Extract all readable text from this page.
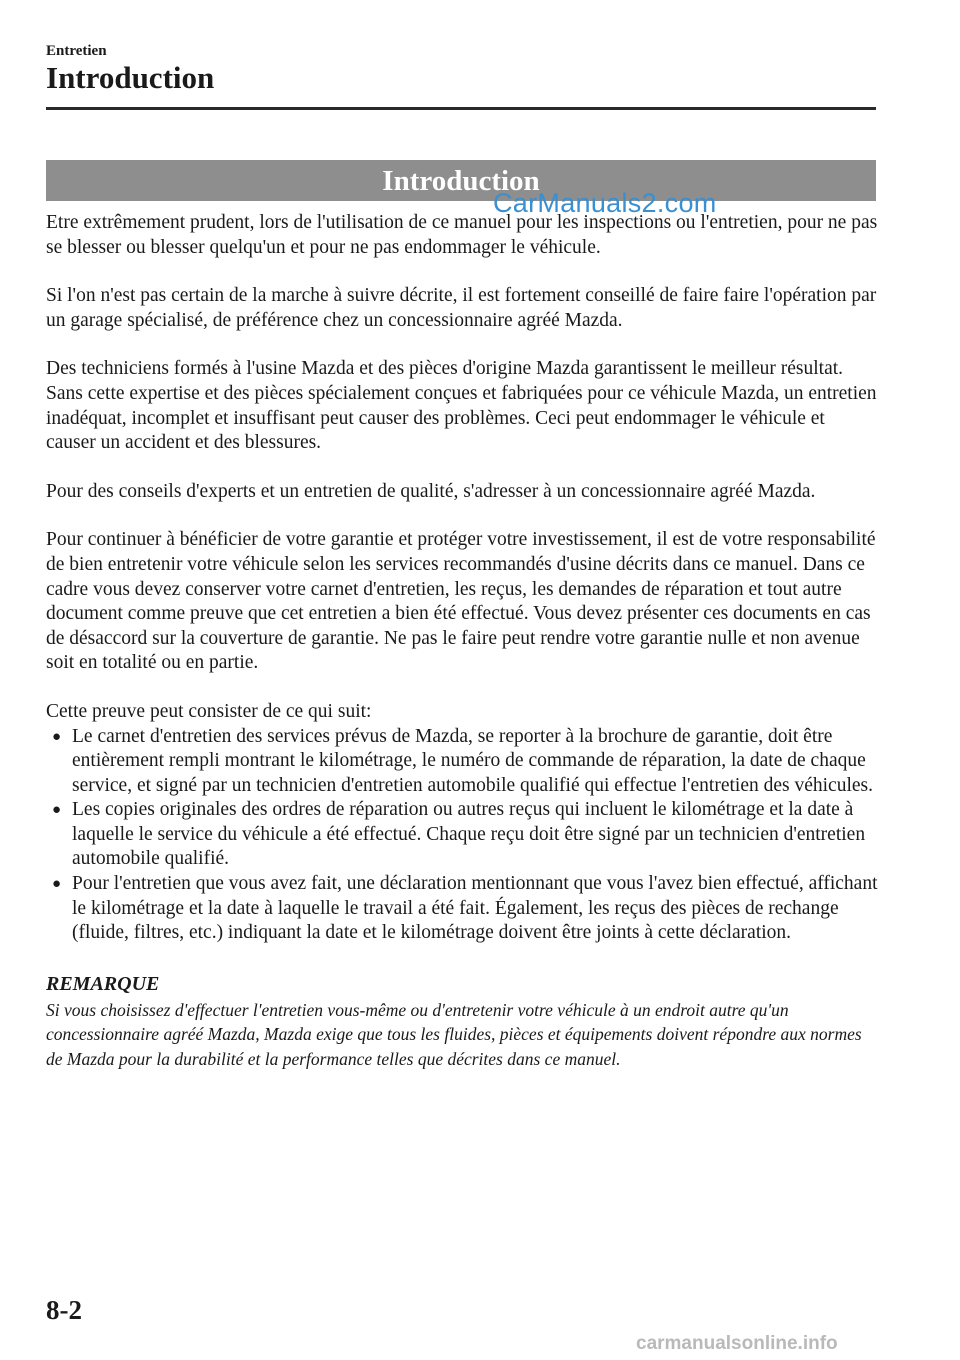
Entretien
Introduction
Introduction
CarManuals2.com

Etre extrêmement prudent, lors de l'utilisation de ce manuel pour les inspections ou l'entretien, pour ne pas se blesser ou blesser quelqu'un et pour ne pas endommager le véhicule.

Si l'on n'est pas certain de la marche à suivre décrite, il est fortement conseillé de faire faire l'opération par un garage spécialisé, de préférence chez un concessionnaire agréé Mazda.

Des techniciens formés à l'usine Mazda et des pièces d'origine Mazda garantissent le meilleur résultat. Sans cette expertise et des pièces spécialement conçues et fabriquées pour ce véhicule Mazda, un entretien inadéquat, incomplet et insuffisant peut causer des problèmes. Ceci peut endommager le véhicule et causer un accident et des blessures.

Pour des conseils d'experts et un entretien de qualité, s'adresser à un concessionnaire agréé Mazda.

Pour continuer à bénéficier de votre garantie et protéger votre investissement, il est de votre responsabilité de bien entretenir votre véhicule selon les services recommandés d'usine décrits dans ce manuel. Dans ce cadre vous devez conserver votre carnet d'entretien, les reçus, les demandes de réparation et tout autre document comme preuve que cet entretien a bien été effectué. Vous devez présenter ces documents en cas de désaccord sur la couverture de garantie. Ne pas le faire peut rendre votre garantie nulle et non avenue soit en totalité ou en partie.

Cette preuve peut consister de ce qui suit:

● Le carnet d'entretien des services prévus de Mazda, se reporter à la brochure de garantie, doit être entièrement rempli montrant le kilométrage, le numéro de commande de réparation, la date de chaque service, et signé par un technicien d'entretien automobile qualifié qui effectue l'entretien des véhicules.
● Les copies originales des ordres de réparation ou autres reçus qui incluent le kilométrage et la date à laquelle le service du véhicule a été effectué. Chaque reçu doit être signé par un technicien d'entretien automobile qualifié.
● Pour l'entretien que vous avez fait, une déclaration mentionnant que vous l'avez bien effectué, affichant le kilométrage et la date à laquelle le travail a été fait. Également, les reçus des pièces de rechange (fluide, filtres, etc.) indiquant la date et le kilométrage doivent être joints à cette déclaration.
REMARQUE

Si vous choisissez d'effectuer l'entretien vous-même ou d'entretenir votre véhicule à un endroit autre qu'un concessionnaire agréé Mazda, Mazda exige que tous les fluides, pièces et équipements doivent répondre aux normes de Mazda pour la durabilité et la performance telles que décrites dans ce manuel.

8-2
carmanualsonline.info
